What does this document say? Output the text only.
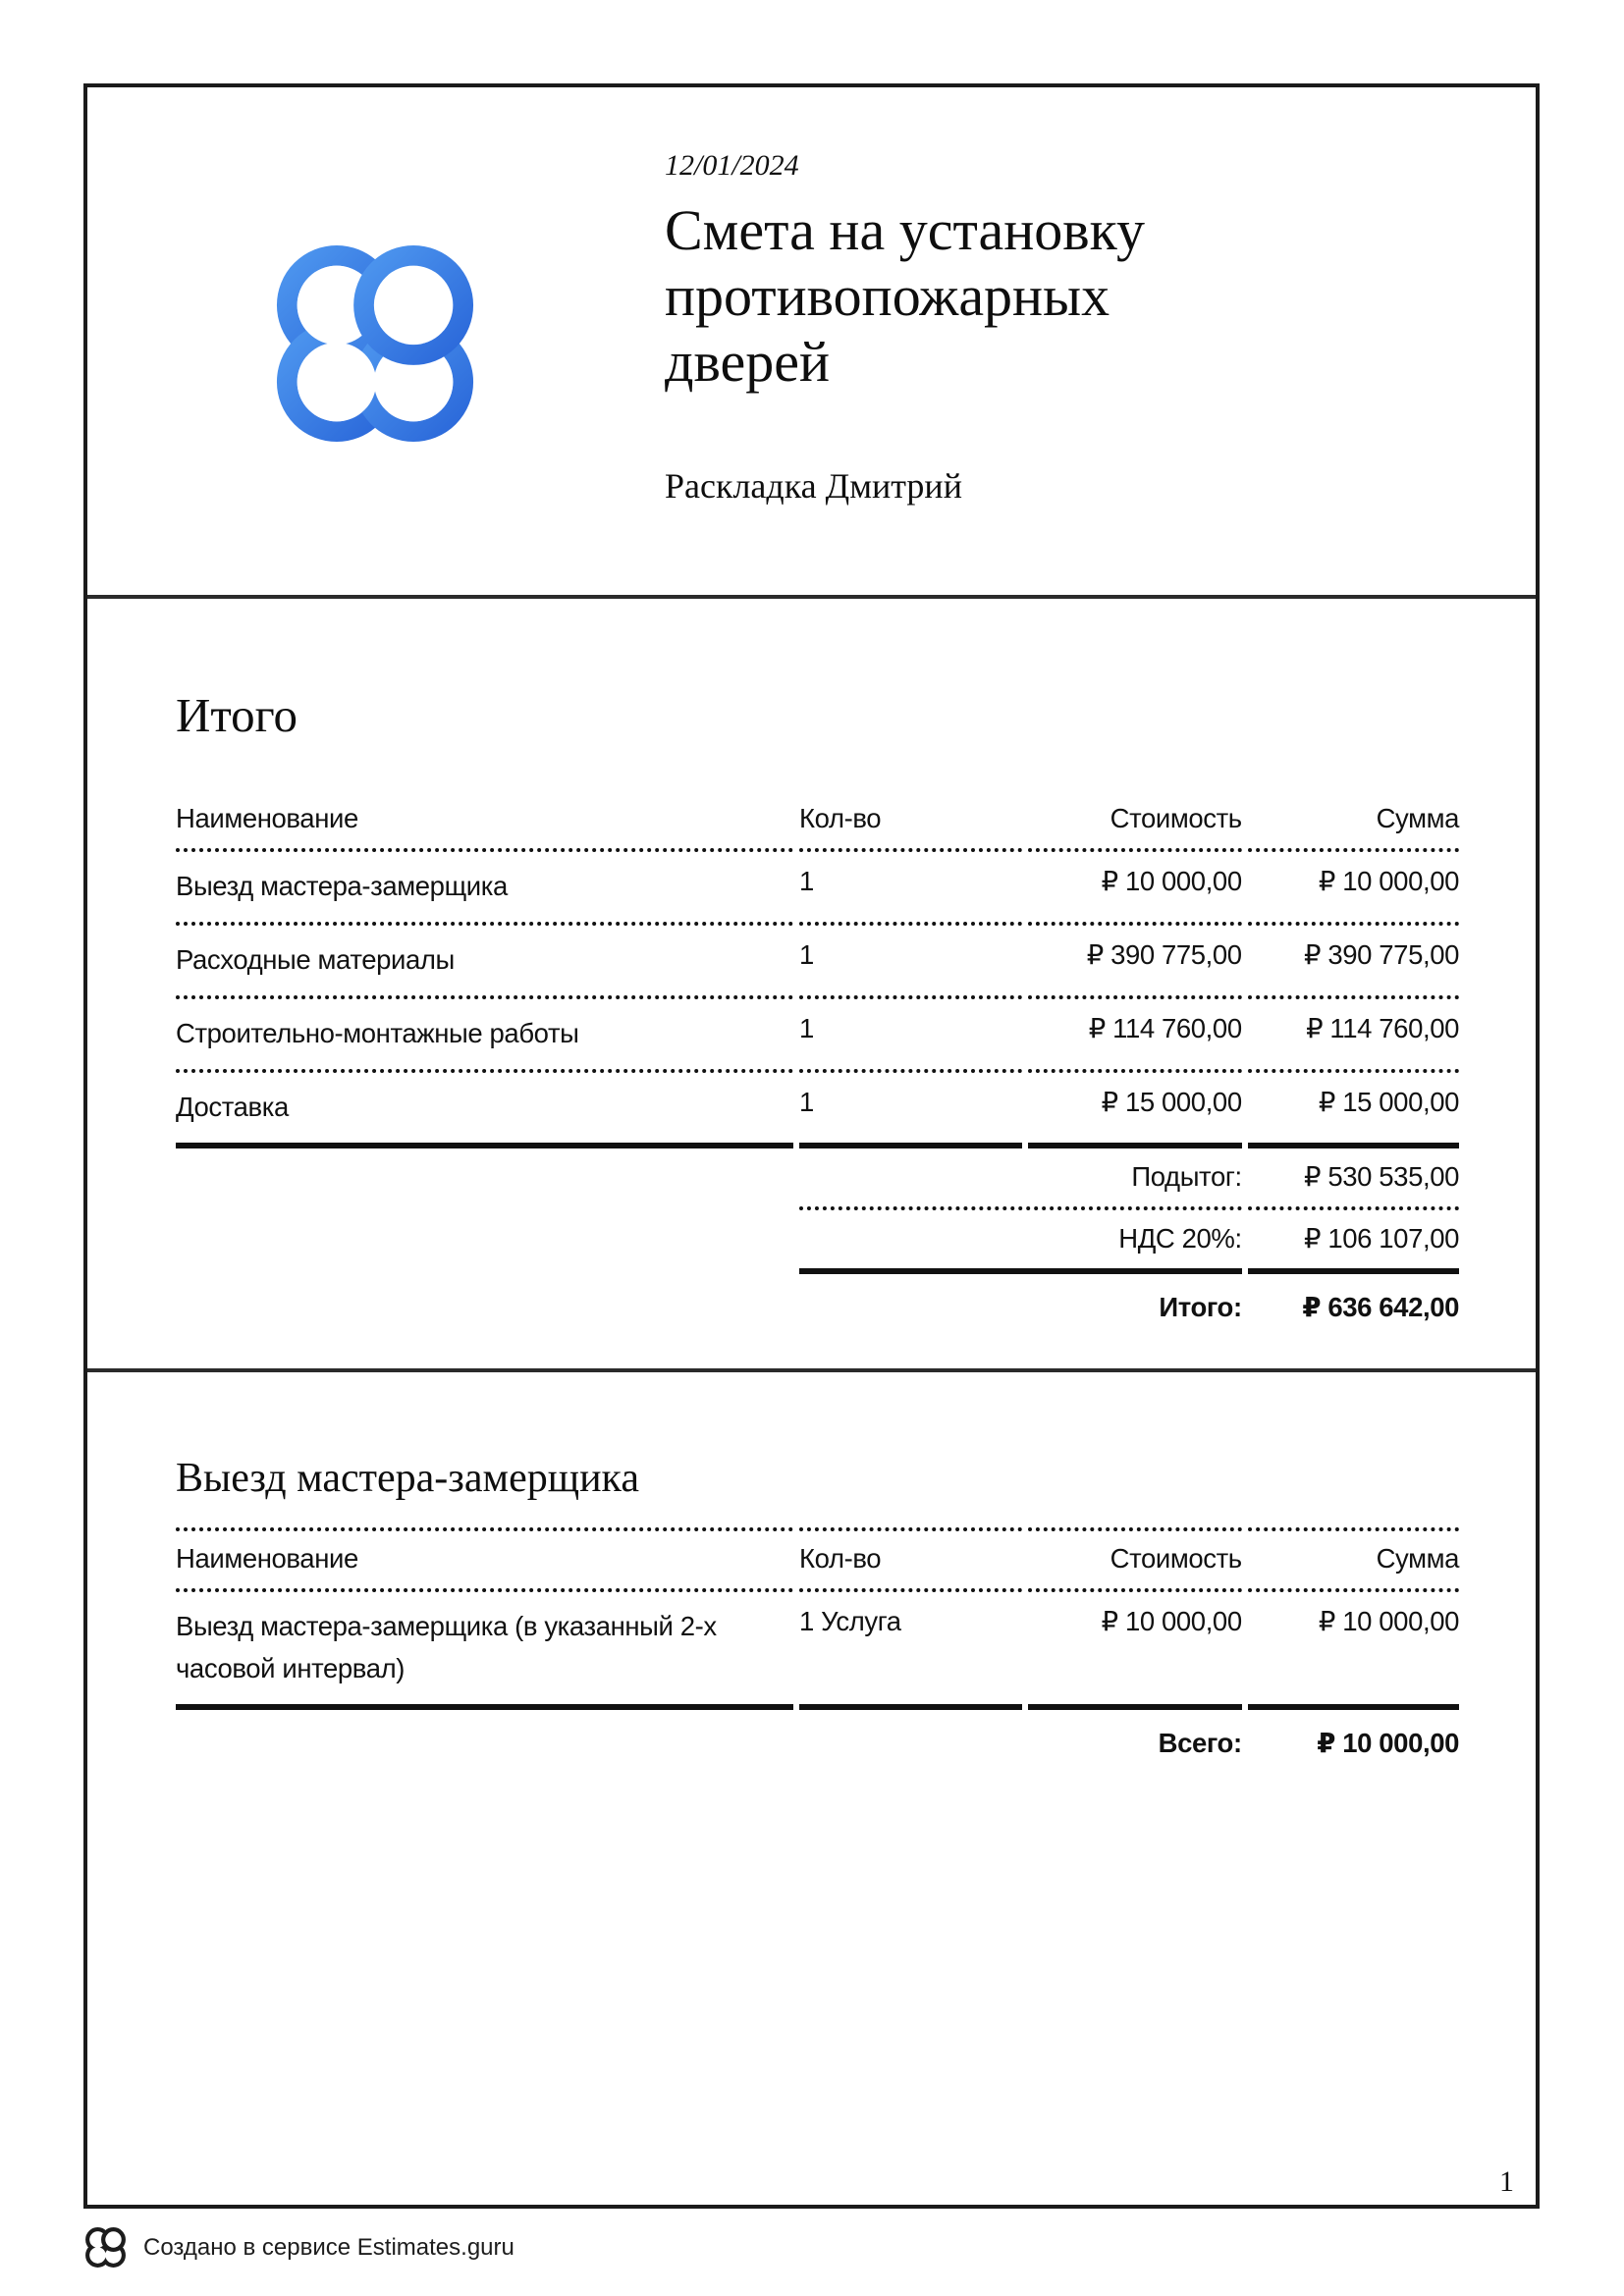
12/01/2024
Смета на установку противопожарных дверей
Раскладка Дмитрий
Итого
Наименование	Кол-во	Стоимость	Сумма
Выезд мастера-замерщика	1	₽ 10 000,00	₽ 10 000,00
Расходные материалы	1	₽ 390 775,00	₽ 390 775,00
Строительно-монтажные работы	1	₽ 114 760,00	₽ 114 760,00
Доставка	1	₽ 15 000,00	₽ 15 000,00
	Подытог:		₽ 530 535,00
	НДС 20%:		₽ 106 107,00
	Итого:		₽ 636 642,00
Выезд мастера-замерщика
Наименование	Кол-во	Стоимость	Сумма
Выезд мастера-замерщика (в указанный 2-х часовой интервал)	1 Услуга	₽ 10 000,00	₽ 10 000,00
	Всего:		₽ 10 000,00
1
Создано в сервисе Estimates.guru
